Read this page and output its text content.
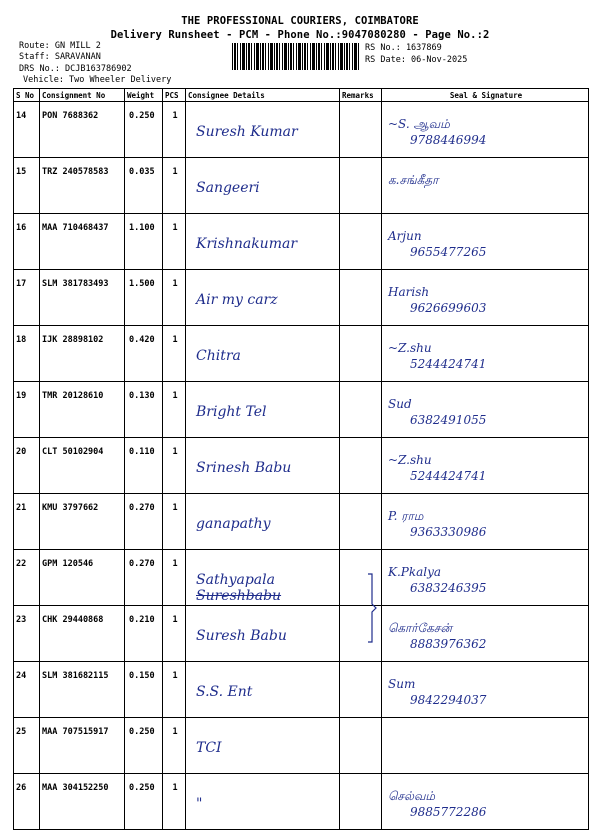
THE PROFESSIONAL COURIERS, COIMBATORE
Delivery Runsheet - PCM - Phone No.:9047080280 - Page No.:2
Route: GN MILL 2
Staff: SARAVANAN
DRS No.: DCJB163786902
Vehicle: Two Wheeler Delivery
RS No.: 1637869
RS Date: 06-Nov-2025
S No	Consignment No	Weight	PCS	Consignee Details	Remarks	Seal & Signature

14	PON 7688362	0.250	1	Suresh Kumar		~S. ஆவம்
9788446994

15	TRZ 240578583	0.035	1	Sangeeri		க.சங்கீதா

16	MAA 710468437	1.100	1	Krishnakumar		Arjun
9655477265

17	SLM 381783493	1.500	1	Air my carz		Harish
9626699603

18	IJK 28898102	0.420	1	Chitra		~Z.shu
5244424741

19	TMR 20128610	0.130	1	Bright Tel		Sud
6382491055

20	CLT 50102904	0.110	1	Srinesh Babu		~Z.shu
5244424741

21	KMU 3797662	0.270	1	ganapathy		P. ராம
9363330986

22	GPM 120546	0.270	1	Sathyapala
Sureshbabu		K.Pkalya
6383246395

23	CHK 29440868	0.210	1	Suresh Babu		கொர்கேசன்
8883976362

24	SLM 381682115	0.150	1	S.S. Ent		Sum
9842294037

25	MAA 707515917	0.250	1	TCI		

26	MAA 304152250	0.250	1	"		செல்வம்
9885772286
